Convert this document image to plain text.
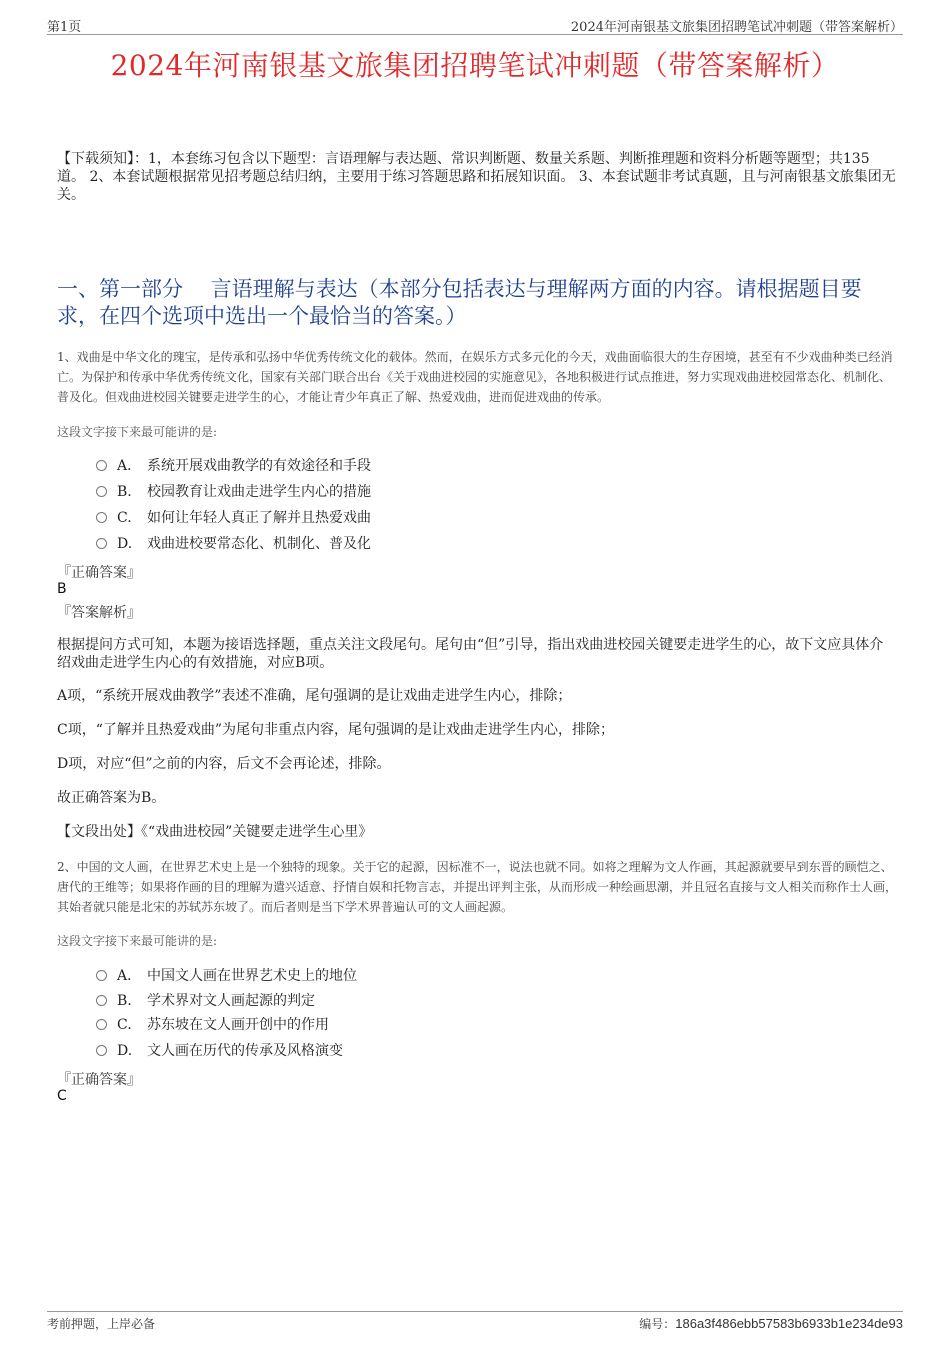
第1页	2024年河南银基文旅集团招聘笔试冲刺题（带答案解析）
2024年河南银基文旅集团招聘笔试冲刺题（带答案解析）
【下载须知】：1，本套练习包含以下题型：言语理解与表达题、常识判断题、数量关系题、判断推理题和资料分析题等题型；共135道。 2、本套试题根据常见招考题总结归纳，主要用于练习答题思路和拓展知识面。 3、本套试题非考试真题，且与河南银基文旅集团无关。
一、第一部分　 言语理解与表达（本部分包括表达与理解两方面的内容。请根据题目要求，在四个选项中选出一个最恰当的答案。）
1、戏曲是中华文化的瑰宝，是传承和弘扬中华优秀传统文化的载体。然而，在娱乐方式多元化的今天，戏曲面临很大的生存困境，甚至有不少戏曲种类已经消亡。为保护和传承中华优秀传统文化，国家有关部门联合出台《关于戏曲进校园的实施意见》，各地积极进行试点推进，努力实现戏曲进校园常态化、机制化、普及化。但戏曲进校园关键要走进学生的心，才能让青少年真正了解、热爱戏曲，进而促进戏曲的传承。
这段文字接下来最可能讲的是:
A． 系统开展戏曲教学的有效途径和手段
B. 校园教育让戏曲走进学生内心的措施
C. 如何让年轻人真正了解并且热爱戏曲
D. 戏曲进校要常态化、机制化、普及化
『正确答案』
B
『答案解析』
根据提问方式可知，本题为接语选择题，重点关注文段尾句。尾句由“但”引导，指出戏曲进校园关键要走进学生的心，故下文应具体介绍戏曲走进学生内心的有效措施，对应B项。
A项，“系统开展戏曲教学”表述不准确，尾句强调的是让戏曲走进学生内心，排除；
C项，“了解并且热爱戏曲”为尾句非重点内容，尾句强调的是让戏曲走进学生内心，排除；
D项，对应“但”之前的内容，后文不会再论述，排除。
故正确答案为B。
【文段出处】《“戏曲进校园”关键要走进学生心里》
2、中国的文人画，在世界艺术史上是一个独特的现象。关于它的起源，因标准不一，说法也就不同。如将之理解为文人作画，其起源就要早到东晋的顾恺之、唐代的王维等；如果将作画的目的理解为遣兴适意、抒情自娱和托物言志，并提出评判主张，从而形成一种绘画思潮，并且冠名直接与文人相关而称作士人画，其始者就只能是北宋的苏轼苏东坡了。而后者则是当下学术界普遍认可的文人画起源。
这段文字接下来最可能讲的是:
A． 中国文人画在世界艺术史上的地位
B. 学术界对文人画起源的判定
C. 苏东坡在文人画开创中的作用
D. 文人画在历代的传承及风格演变
『正确答案』
C
考前押题，上岸必备	编号：186a3f486ebb57583b6933b1e234de93
